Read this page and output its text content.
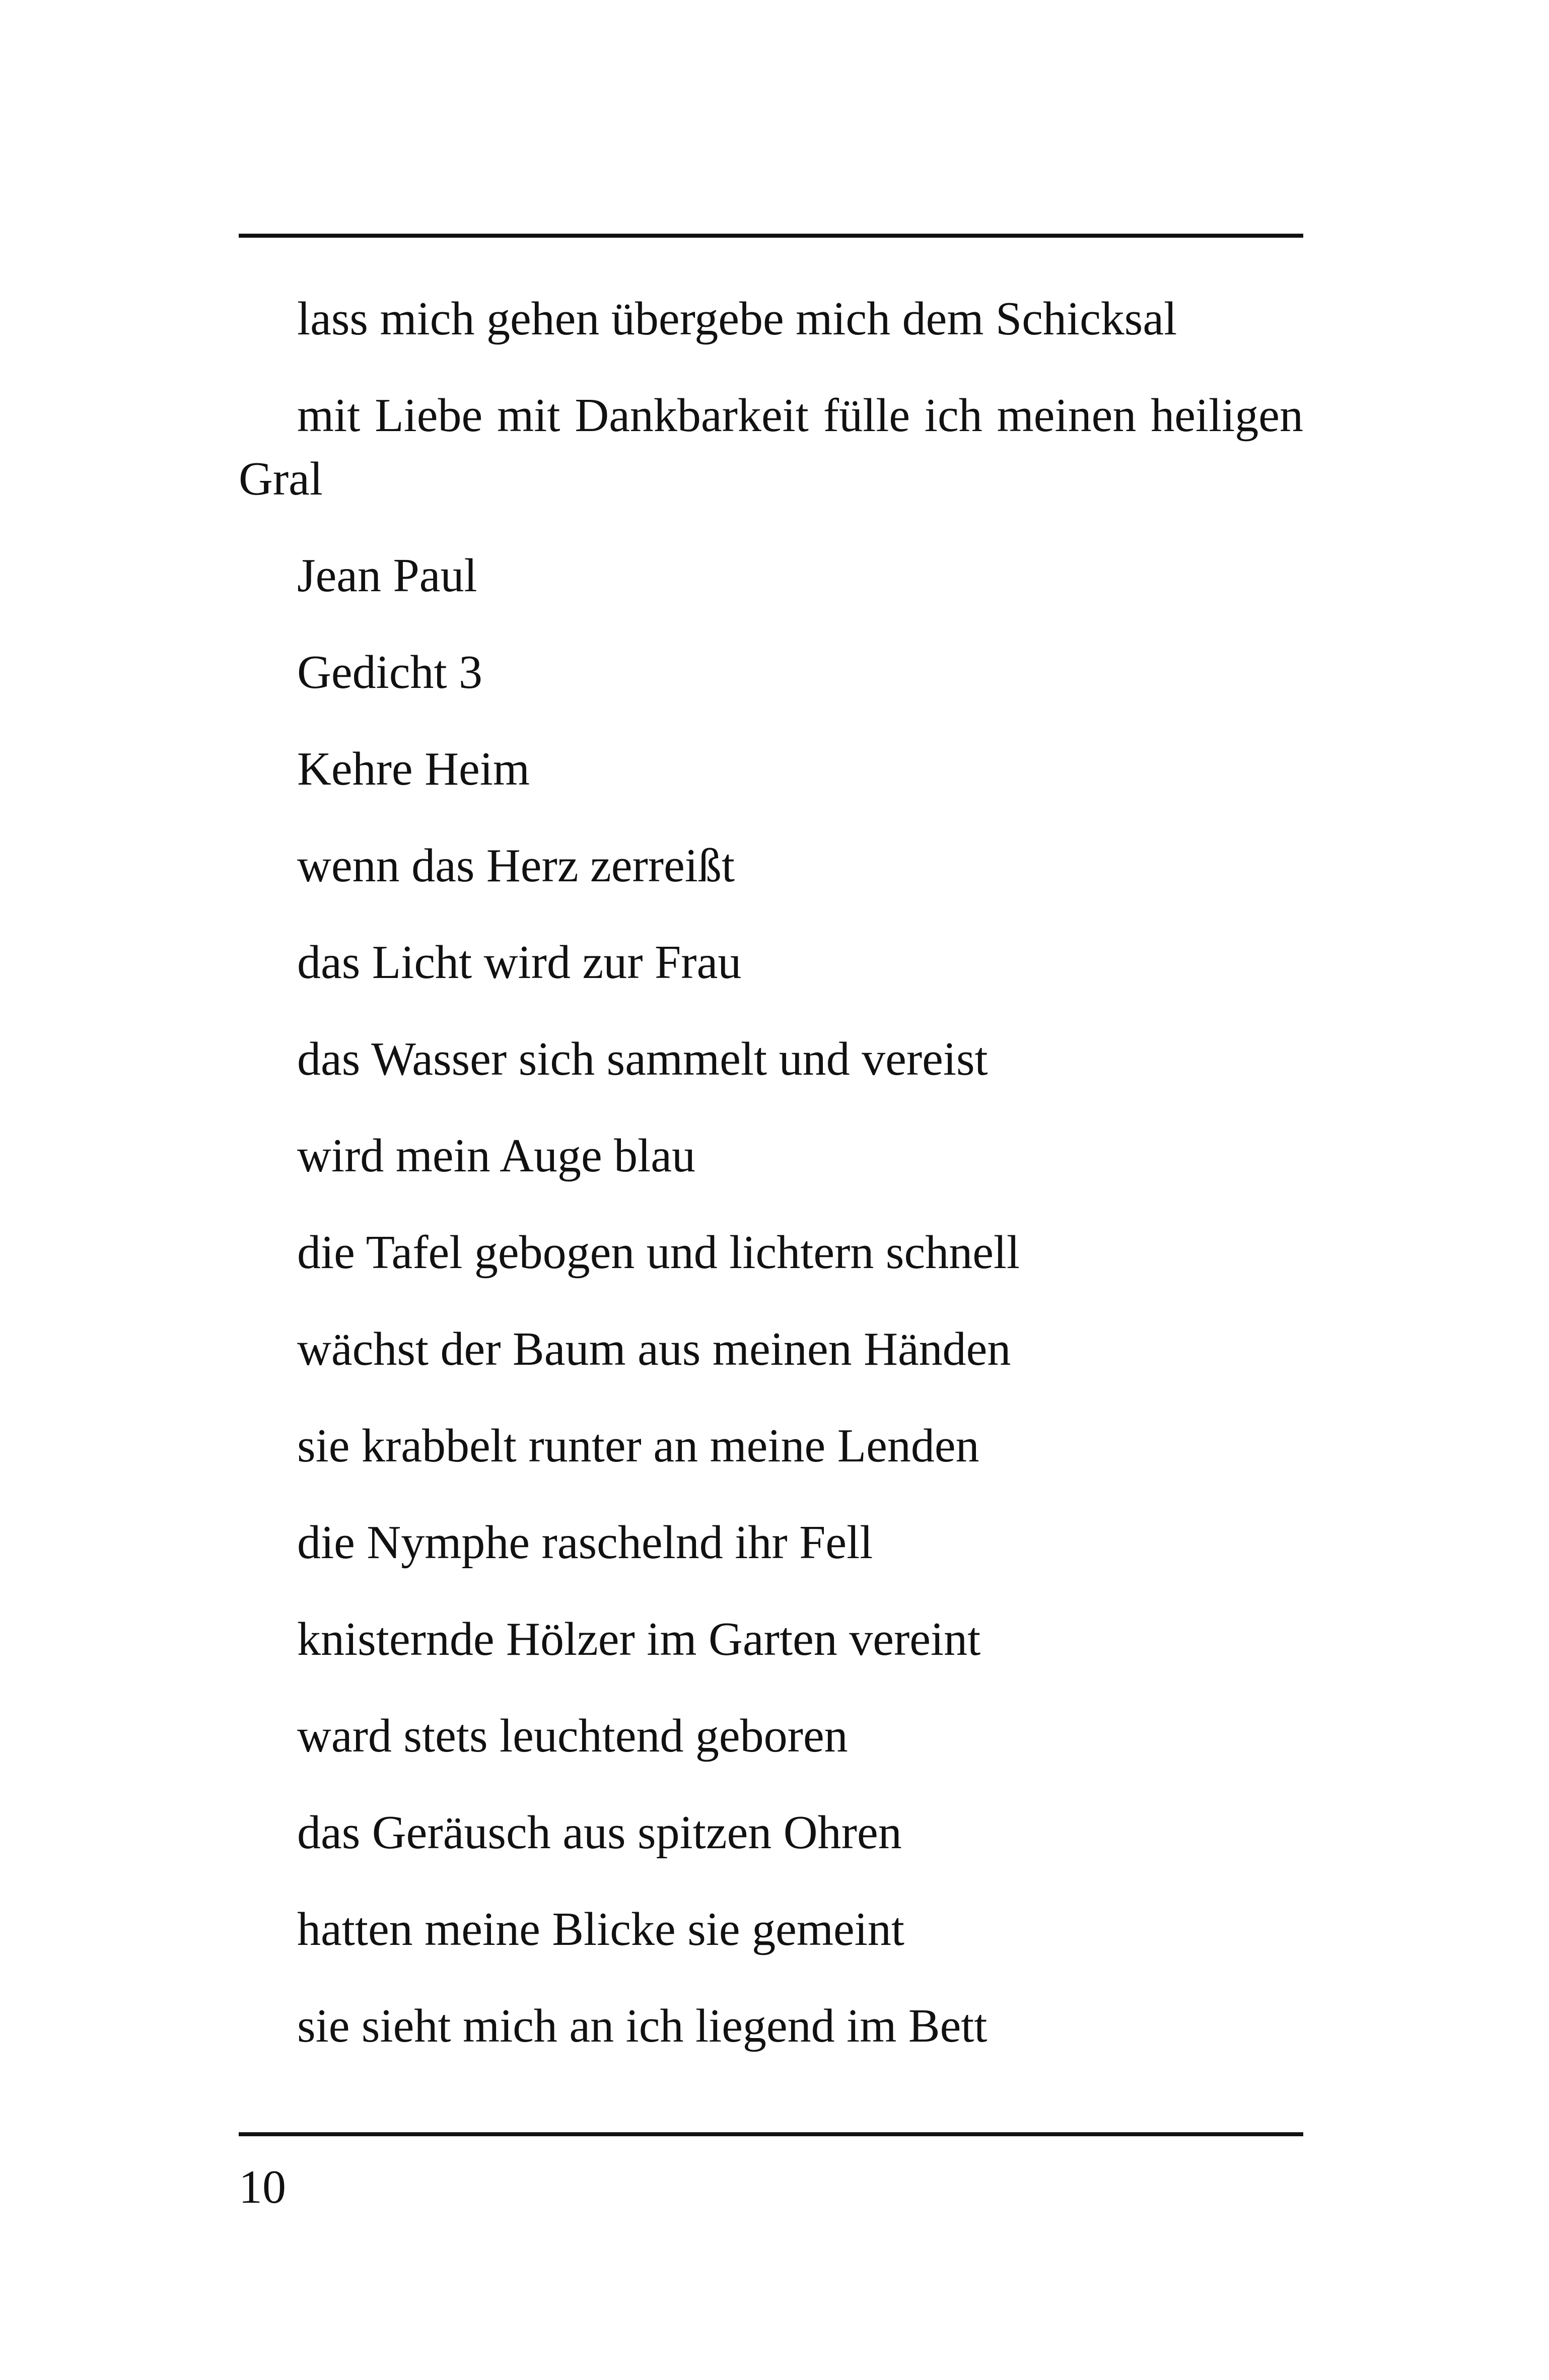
lass mich gehen übergebe mich dem Schicksal

mit Liebe mit Dankbarkeit fülle ich meinen heiligen Gral

Jean Paul

Gedicht 3

Kehre Heim

wenn das Herz zerreißt

das Licht wird zur Frau

das Wasser sich sammelt und vereist

wird mein Auge blau

die Tafel gebogen und lichtern schnell

wächst der Baum aus meinen Händen

sie krabbelt runter an meine Lenden

die Nymphe raschelnd ihr Fell

knisternde Hölzer im Garten vereint

ward stets leuchtend geboren

das Geräusch aus spitzen Ohren

hatten meine Blicke sie gemeint

sie sieht mich an ich liegend im Bett

10
